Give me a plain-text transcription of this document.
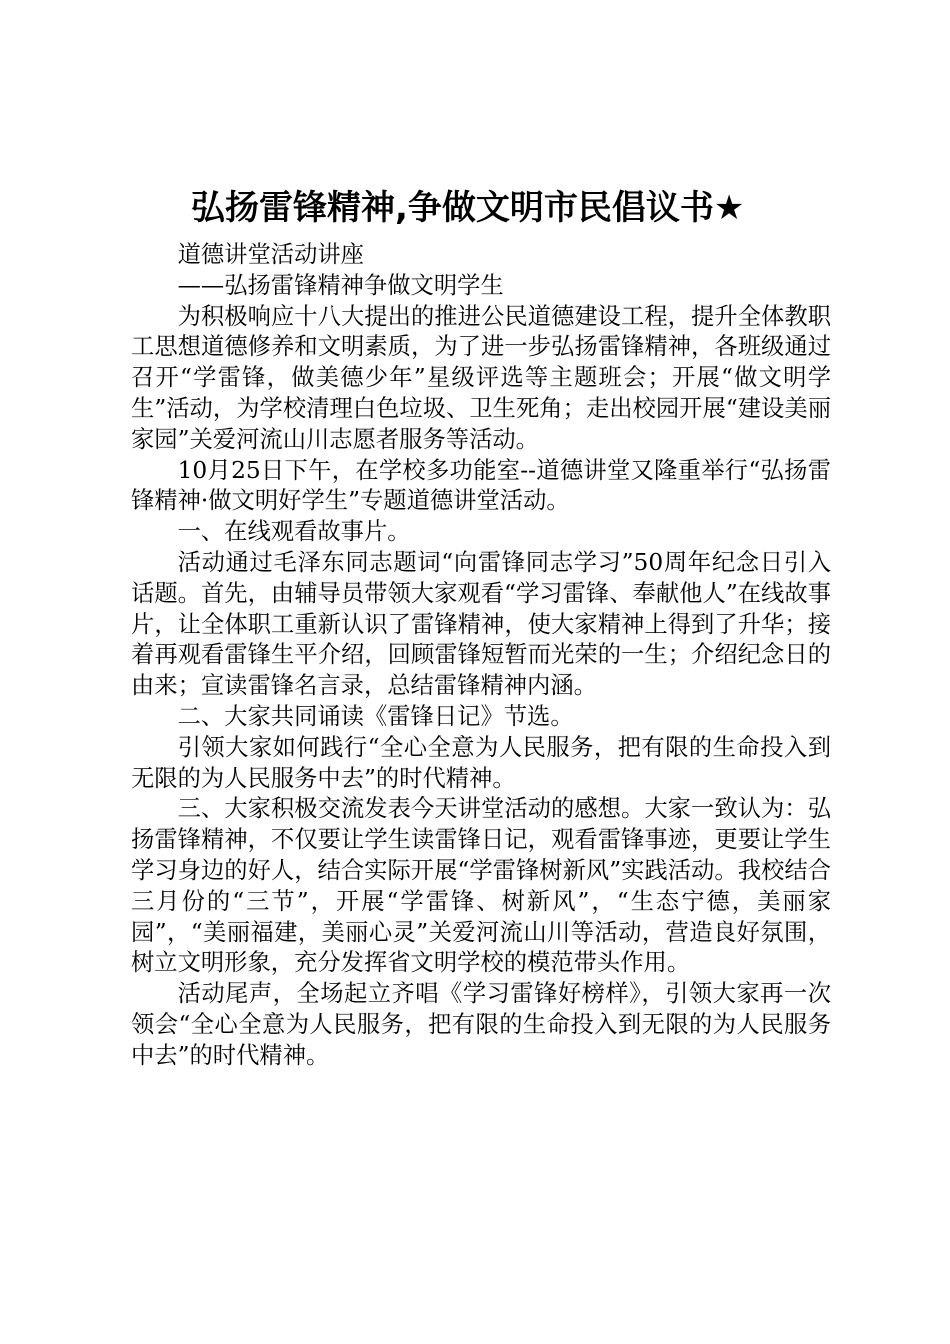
弘扬雷锋精神,争做文明市民倡议书★

道德讲堂活动讲座

——弘扬雷锋精神争做文明学生

为积极响应十八大提出的推进公民道德建设工程，提升全体教职工思想道德修养和文明素质，为了进一步弘扬雷锋精神，各班级通过召开“学雷锋，做美德少年”星级评选等主题班会；开展“做文明学生”活动，为学校清理白色垃圾、卫生死角；走出校园开展“建设美丽家园”关爱河流山川志愿者服务等活动。

10月25日下午，在学校多功能室--道德讲堂又隆重举行“弘扬雷锋精神·做文明好学生”专题道德讲堂活动。

一、在线观看故事片。

活动通过毛泽东同志题词“向雷锋同志学习”50周年纪念日引入话题。首先，由辅导员带领大家观看“学习雷锋、奉献他人”在线故事片，让全体职工重新认识了雷锋精神，使大家精神上得到了升华；接着再观看雷锋生平介绍，回顾雷锋短暂而光荣的一生；介绍纪念日的由来；宣读雷锋名言录，总结雷锋精神内涵。

二、大家共同诵读《雷锋日记》节选。

引领大家如何践行“全心全意为人民服务，把有限的生命投入到无限的为人民服务中去”的时代精神。

三、大家积极交流发表今天讲堂活动的感想。大家一致认为：弘扬雷锋精神，不仅要让学生读雷锋日记，观看雷锋事迹，更要让学生学习身边的好人，结合实际开展“学雷锋树新风”实践活动。我校结合三月份的“三节”，开展“学雷锋、树新风”，“生态宁德，美丽家园”，“美丽福建，美丽心灵”关爱河流山川等活动，营造良好氛围，树立文明形象，充分发挥省文明学校的模范带头作用。

活动尾声，全场起立齐唱《学习雷锋好榜样》，引领大家再一次领会“全心全意为人民服务，把有限的生命投入到无限的为人民服务中去”的时代精神。
